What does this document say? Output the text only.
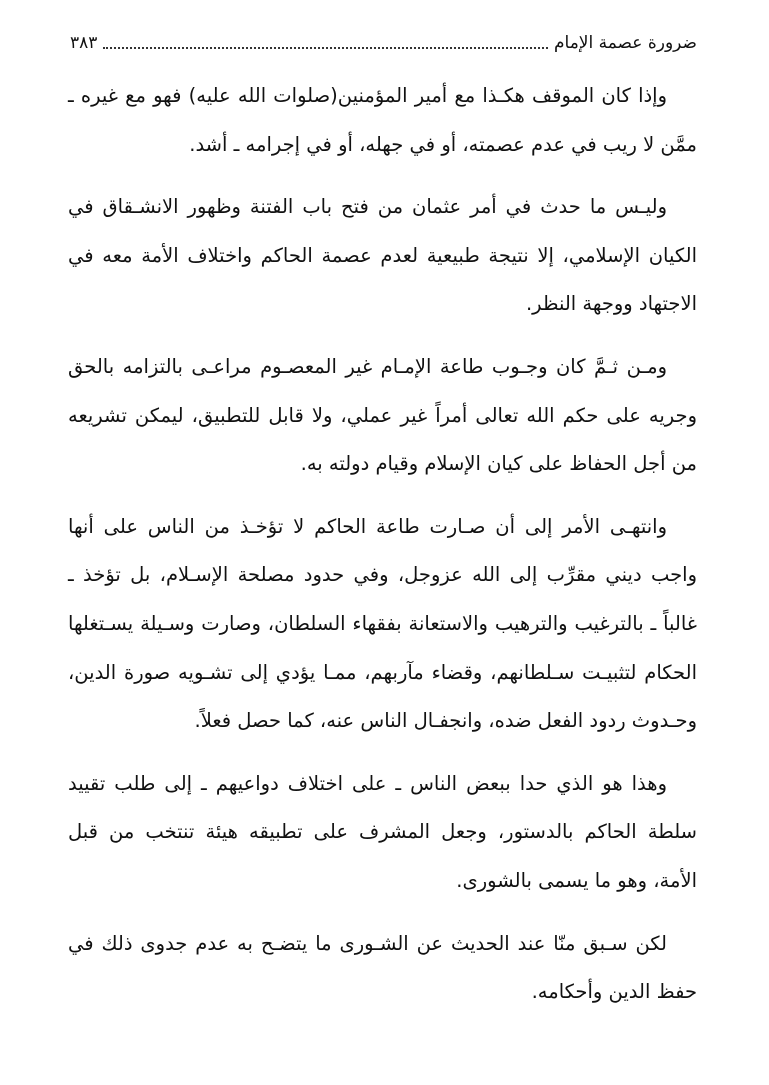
ضرورة عصمة الإمام
٣٨٣

وإذا كان الموقف هكـذا مع أمير المؤمنين(صلوات الله عليه) فهو مع غيره ـ ممَّن لا ريب في عدم عصمته، أو في جهله، أو في إجرامه ـ أشد.

وليـس ما حدث في أمر عثمان من فتح باب الفتنة وظهور الانشـقاق في الكيان الإسلامي، إلا نتيجة طبيعية لعدم عصمة الحاكم واختلاف الأمة معه في الاجتهاد ووجهة النظر.

ومـن ثـمَّ كان وجـوب طاعة الإمـام غير المعصـوم مراعـى بالتزامه بالحق وجريه على حكم الله تعالى أمراً غير عملي، ولا قابل للتطبيق، ليمكن تشريعه من أجل الحفاظ على كيان الإسلام وقيام دولته به.

وانتهـى الأمر إلى أن صـارت طاعة الحاكم لا تؤخـذ من الناس على أنها واجب ديني مقرِّب إلى الله عزوجل، وفي حدود مصلحة الإسـلام، بل تؤخذ ـ غالباً ـ بالترغيب والترهيب والاستعانة بفقهاء السلطان، وصارت وسـيلة يسـتغلها الحكام لتثبيـت سـلطانهم، وقضاء مآربهم، ممـا يؤدي إلى تشـويه صورة الدين، وحـدوث ردود الفعل ضده، وانجفـال الناس عنه، كما حصل فعلاً.

وهذا هو الذي حدا ببعض الناس ـ على اختلاف دواعيهم ـ إلى طلب تقييد سلطة الحاكم بالدستور، وجعل المشرف على تطبيقه هيئة تنتخب من قبل الأمة، وهو ما يسمى بالشورى.

لكن سـبق منّا عند الحديث عن الشـورى ما يتضـح به عدم جدوى ذلك في حفظ الدين وأحكامه.
